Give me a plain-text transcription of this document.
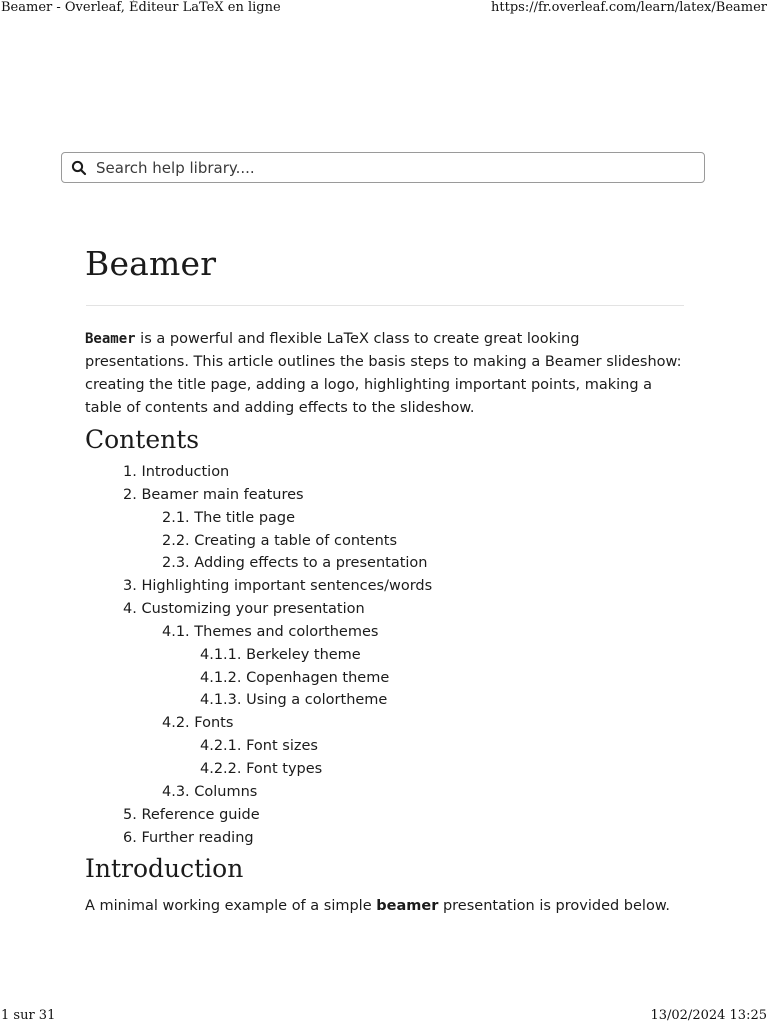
Beamer - Overleaf, Éditeur LaTeX en ligne	https://fr.overleaf.com/learn/latex/Beamer
Search help library....
Beamer

Beamer is a powerful and flexible LaTeX class to create great looking presentations. This article outlines the basis steps to making a Beamer slideshow: creating the title page, adding a logo, highlighting important points, making a table of contents and adding effects to the slideshow.

Contents
1. Introduction
2. Beamer main features
2.1. The title page
2.2. Creating a table of contents
2.3. Adding effects to a presentation
3. Highlighting important sentences/words
4. Customizing your presentation
4.1. Themes and colorthemes
4.1.1. Berkeley theme
4.1.2. Copenhagen theme
4.1.3. Using a colortheme
4.2. Fonts
4.2.1. Font sizes
4.2.2. Font types
4.3. Columns
5. Reference guide
6. Further reading
Introduction

A minimal working example of a simple beamer presentation is provided below.

1 sur 31	13/02/2024 13:25
